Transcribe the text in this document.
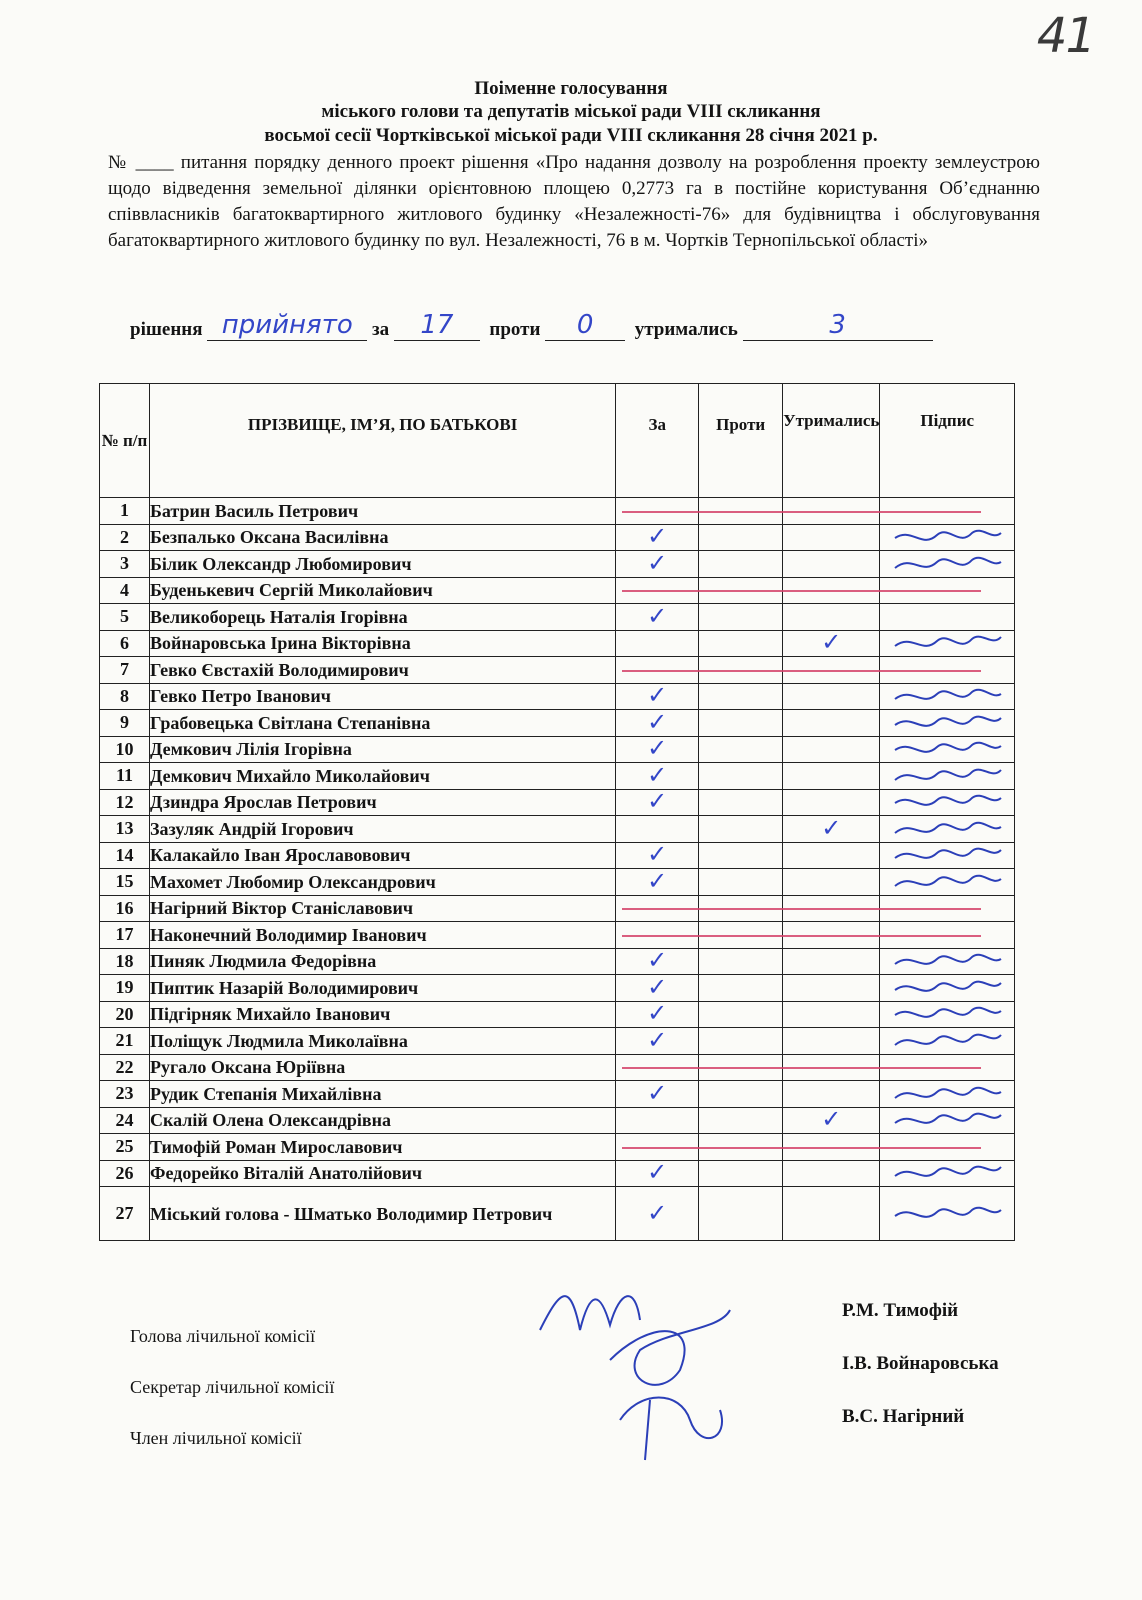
41
Поіменне голосування
міського голови та депутатів міської ради VIII скликання
восьмої сесії Чортківської міської ради VIII скликання 28 січня 2021 р.
№ ____ питання порядку денного проект рішення «Про надання дозволу на розроблення проекту землеустрою щодо відведення земельної ділянки орієнтовною площею 0,2773 га в постійне користування Об’єднанню співвласників багатоквартирного житлового будинку «Незалежності-76» для будівництва і обслуговування багатоквартирного житлового будинку по вул. Незалежності, 76 в м. Чортків Тернопільської області»
рішення прийнято за 17 проти 0 утримались	3
№ п/п	ПРІЗВИЩЕ, ІМ’Я, ПО БАТЬКОВІ	За	Проти	Утримались	Підпис
1	Батрин Василь Петрович				
2	Безпалько Оксана Василівна	✓			

3	Білик Олександр Любомирович	✓			

4	Буденькевич Сергій Миколайович				
5	Великоборець Наталія Ігорівна	✓			
6	Войнаровська Ірина Вікторівна			✓	

7	Гевко Євстахій Володимирович				
8	Гевко Петро Іванович	✓			

9	Грабовецька Світлана Степанівна	✓			

10	Демкович Лілія Ігорівна	✓			

11	Демкович Михайло Миколайович	✓			

12	Дзиндра Ярослав Петрович	✓			

13	Зазуляк Андрій Ігорович			✓	

14	Калакайло Іван Ярославовович	✓			

15	Махомет Любомир Олександрович	✓			

16	Нагірний Віктор Станіславович				
17	Наконечний Володимир Іванович				
18	Пиняк Людмила Федорівна	✓			

19	Пиптик Назарій Володимирович	✓			

20	Підгірняк Михайло Іванович	✓			

21	Поліщук Людмила Миколаївна	✓			

22	Ругало Оксана Юріївна				
23	Рудик Степанія Михайлівна	✓			

24	Скалій Олена Олександрівна			✓	

25	Тимофій Роман Мирославович				
26	Федорейко Віталій Анатолійович	✓			

27	Міський голова - Шматько Володимир Петрович	✓			
Голова лічильної комісії
Р.М. Тимофій
Секретар лічильної комісії
І.В. Войнаровська
Член лічильної комісії
В.С. Нагірний
